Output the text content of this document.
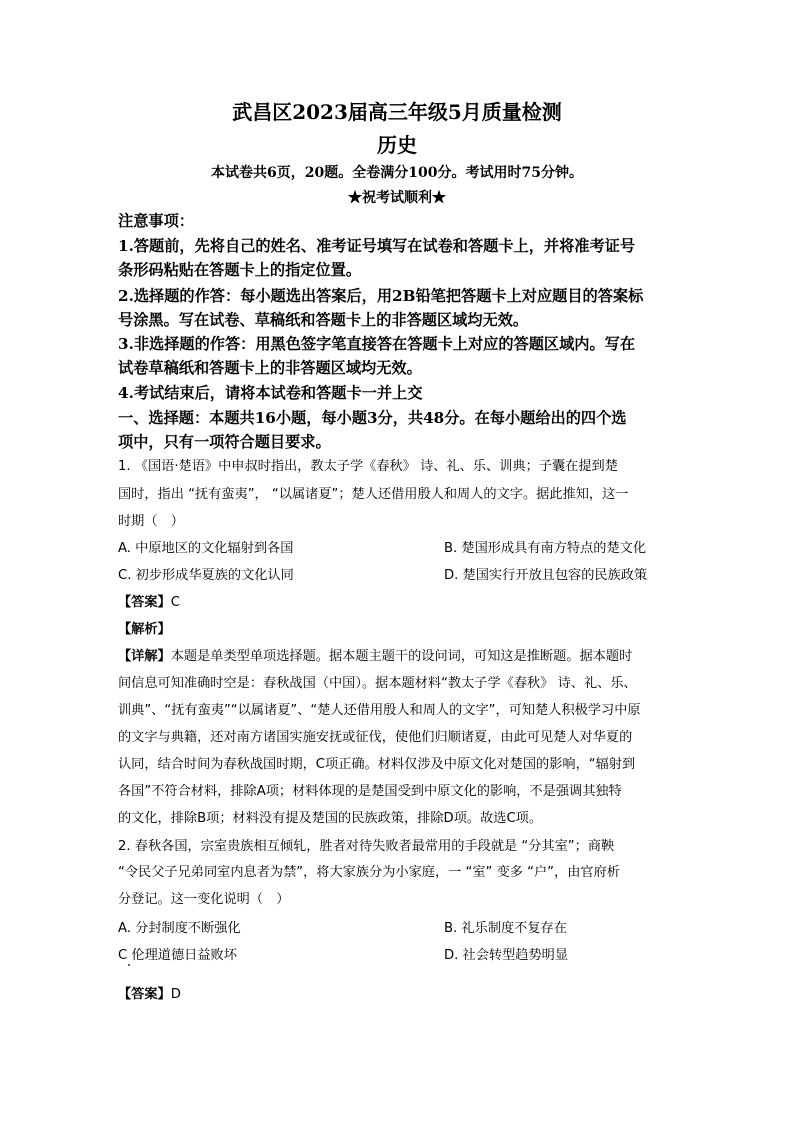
武昌区2023届高三年级5月质量检测
历史
本试卷共6页，20题。全卷满分100分。考试用时75分钟。
★祝考试顺利★
注意事项：
1.答题前，先将自己的姓名、准考证号填写在试卷和答题卡上，并将准考证号
条形码粘贴在答题卡上的指定位置。
2.选择题的作答：每小题选出答案后，用2B铅笔把答题卡上对应题目的答案标
号涂黑。写在试卷、草稿纸和答题卡上的非答题区域均无效。
3.非选择题的作答：用黑色签字笔直接答在答题卡上对应的答题区域内。写在
试卷草稿纸和答题卡上的非答题区域均无效。
4.考试结束后，请将本试卷和答题卡一并上交
一、选择题：本题共16小题，每小题3分，共48分。在每小题给出的四个选
项中，只有一项符合题目要求。
1. 《国语·楚语》中申叔时指出，教太子学《春秋》 诗、礼、乐、训典；子囊在提到楚
国时，指出 “抚有蛮夷”， “以属诸夏”；楚人还借用殷人和周人的文字。据此推知，这一
时期（　）
A. 中原地区的文化辐射到各国	B. 楚国形成具有南方特点的楚文化
C. 初步形成华夏族的文化认同	D. 楚国实行开放且包容的民族政策
【答案】C
【解析】
【详解】本题是单类型单项选择题。据本题主题干的设问词，可知这是推断题。据本题时
间信息可知准确时空是：春秋战国（中国）。据本题材料“教太子学《春秋》 诗、礼、乐、
训典”、“抚有蛮夷”“以属诸夏”、“楚人还借用殷人和周人的文字”，可知楚人积极学习中原
的文字与典籍，还对南方诸国实施安抚或征伐，使他们归顺诸夏，由此可见楚人对华夏的
认同，结合时间为春秋战国时期，C项正确。材料仅涉及中原文化对楚国的影响，“辐射到
各国”不符合材料，排除A项；材料体现的是楚国受到中原文化的影响，不是强调其独特
的文化，排除B项；材料没有提及楚国的民族政策，排除D项。故选C项。
2. 春秋各国，宗室贵族相互倾轧，胜者对待失败者最常用的手段就是 “分其室”；商鞅
“令民父子兄弟同室内息者为禁”，将大家族分为小家庭，一 “室” 变多 “户”，由官府析
分登记。这一变化说明（　）
A. 分封制度不断强化	B. 礼乐制度不复存在
C 伦理道德日益败坏	D. 社会转型趋势明显
【答案】D
